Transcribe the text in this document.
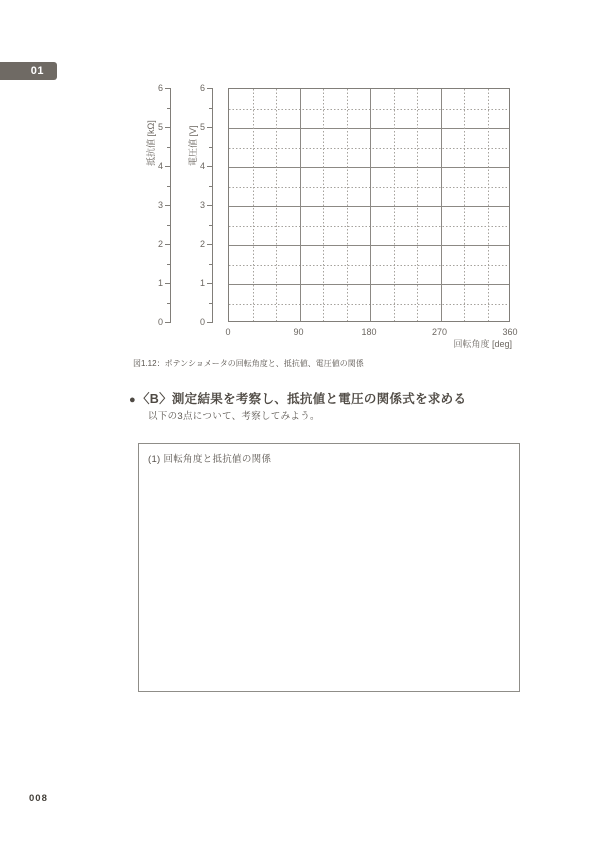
01
抵抗値 [kΩ]	電圧値 [V]
回転角度 [deg]
図1.12：ポテンショメータの回転角度と、抵抗値、電圧値の関係
0
1
2
3
4
5
6
0
1
2
3
4
5
6
0	90	180	270	360
●〈B〉測定結果を考察し、抵抗値と電圧の関係式を求める
以下の3点について、考察してみよう。
(1) 回転角度と抵抗値の関係
008
